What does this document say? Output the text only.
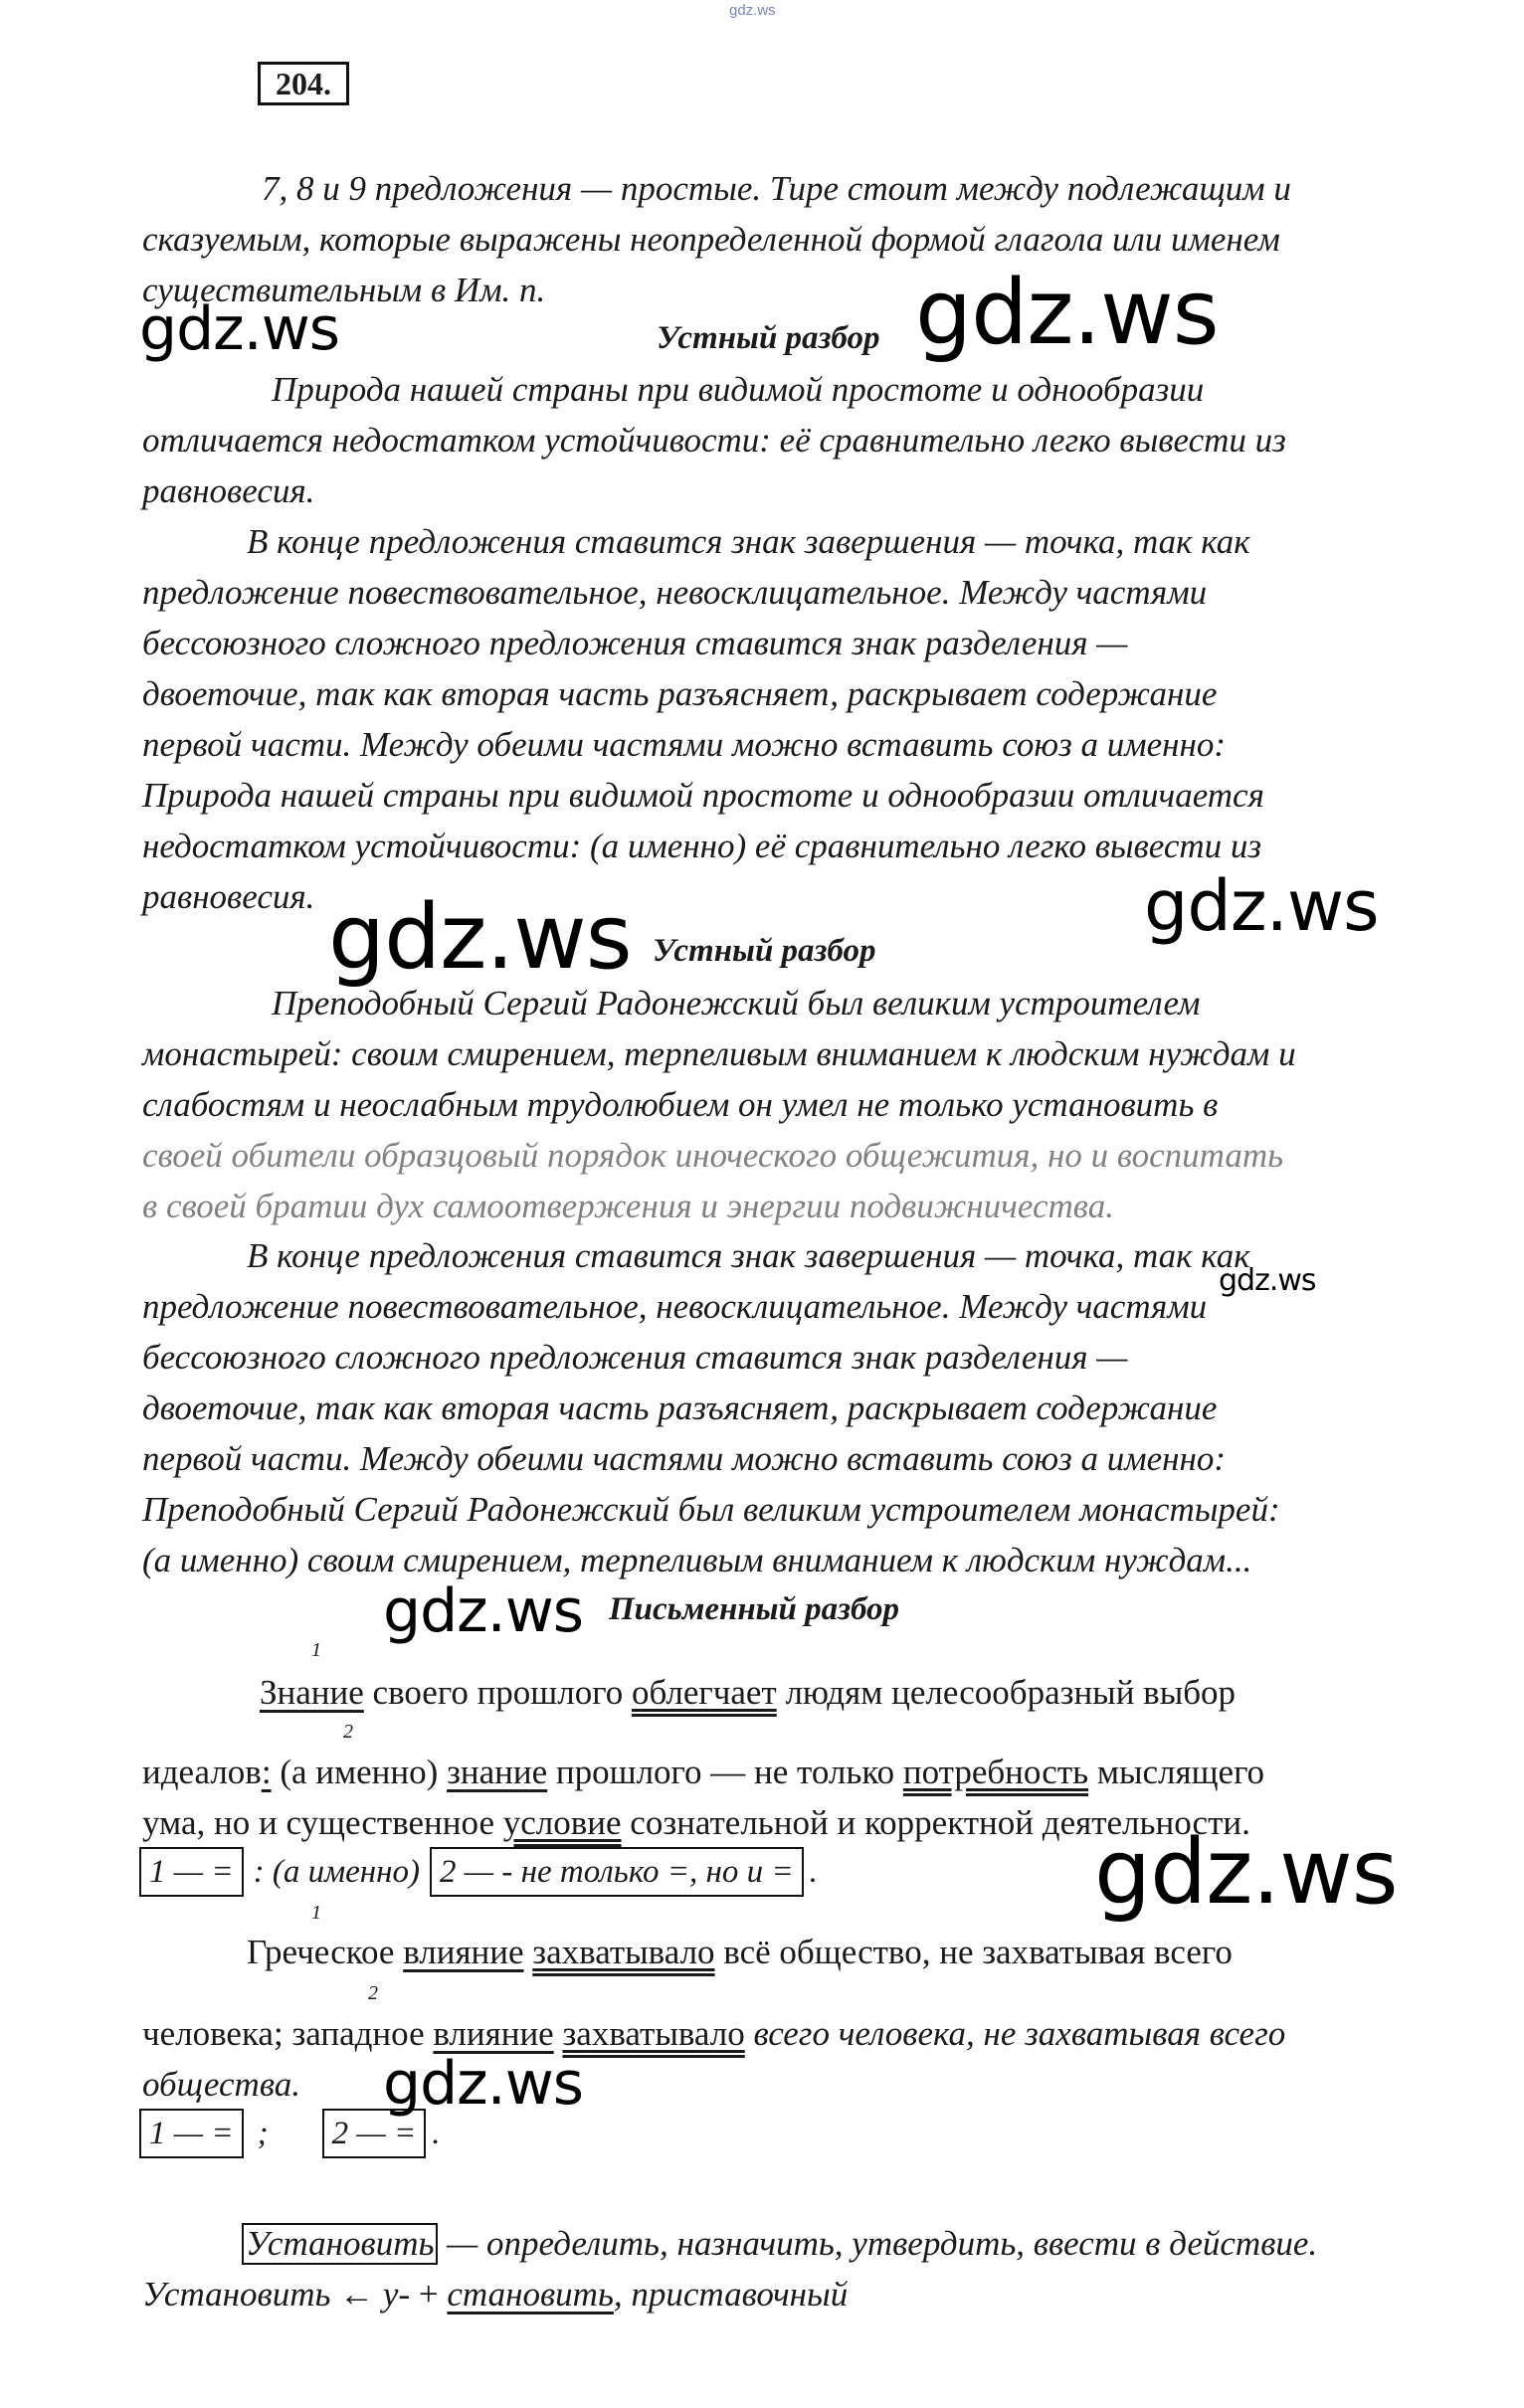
gdz.ws
204.
7, 8 и 9 предложения — простые. Тире стоит между подлежащим и
сказуемым, которые выражены неопределенной формой глагола или именем
существительным в Им. п.
gdz.ws	Устный разбор gdz.ws
Природа нашей страны при видимой простоте и однообразии
отличается недостатком устойчивости: её сравнительно легко вывести из
равновесия.
В конце предложения ставится знак завершения — точка, так как
предложение повествовательное, невосклицательное. Между частями
бессоюзного сложного предложения ставится знак разделения —
двоеточие, так как вторая часть разъясняет, раскрывает содержание
первой части. Между обеими частями можно вставить союз а именно:
Природа нашей страны при видимой простоте и однообразии отличается
недостатком устойчивости: (а именно) её сравнительно легко вывести из
равновесия.	gdz.ws
gdz.ws Устный разбор
Преподобный Сергий Радонежский был великим устроителем
монастырей: своим смирением, терпеливым вниманием к людским нуждам и
слабостям и неослабным трудолюбием он умел не только установить в
своей обители образцовый порядок иноческого общежития, но и воспитать
в своей братии дух самоотвержения и энергии подвижничества.
В конце предложения ставится знак завершения — точка, так как
предложение повествовательное, невосклицательное. Между частями
бессоюзного сложного предложения ставится знак разделения —
двоеточие, так как вторая часть разъясняет, раскрывает содержание
первой части. Между обеими частями можно вставить союз а именно:
Преподобный Сергий Радонежский был великим устроителем монастырей:
(а именно) своим смирением, терпеливым вниманием к людским нуждам...
gdz.ws
gdz.ws Письменный разбор
1
Знание своего прошлого облегчает людям целесообразный выбор
2
идеалов: (а именно) знание прошлого — не только потребность мыслящего
ума, но и существенное условие сознательной и корректной деятельности.
1 — = : (а именно) 2 — - не только =, но и = .	gdz.ws
1
Греческое влияние захватывало всё общество, не захватывая всего
2
человека; западное влияние захватывало всего человека, не захватывая всего
общества.
1 — = ; 2 — = .
gdz.ws
Установить — определить, назначить, утвердить, ввести в действие.
Установить ← у- + становить, приставочный
